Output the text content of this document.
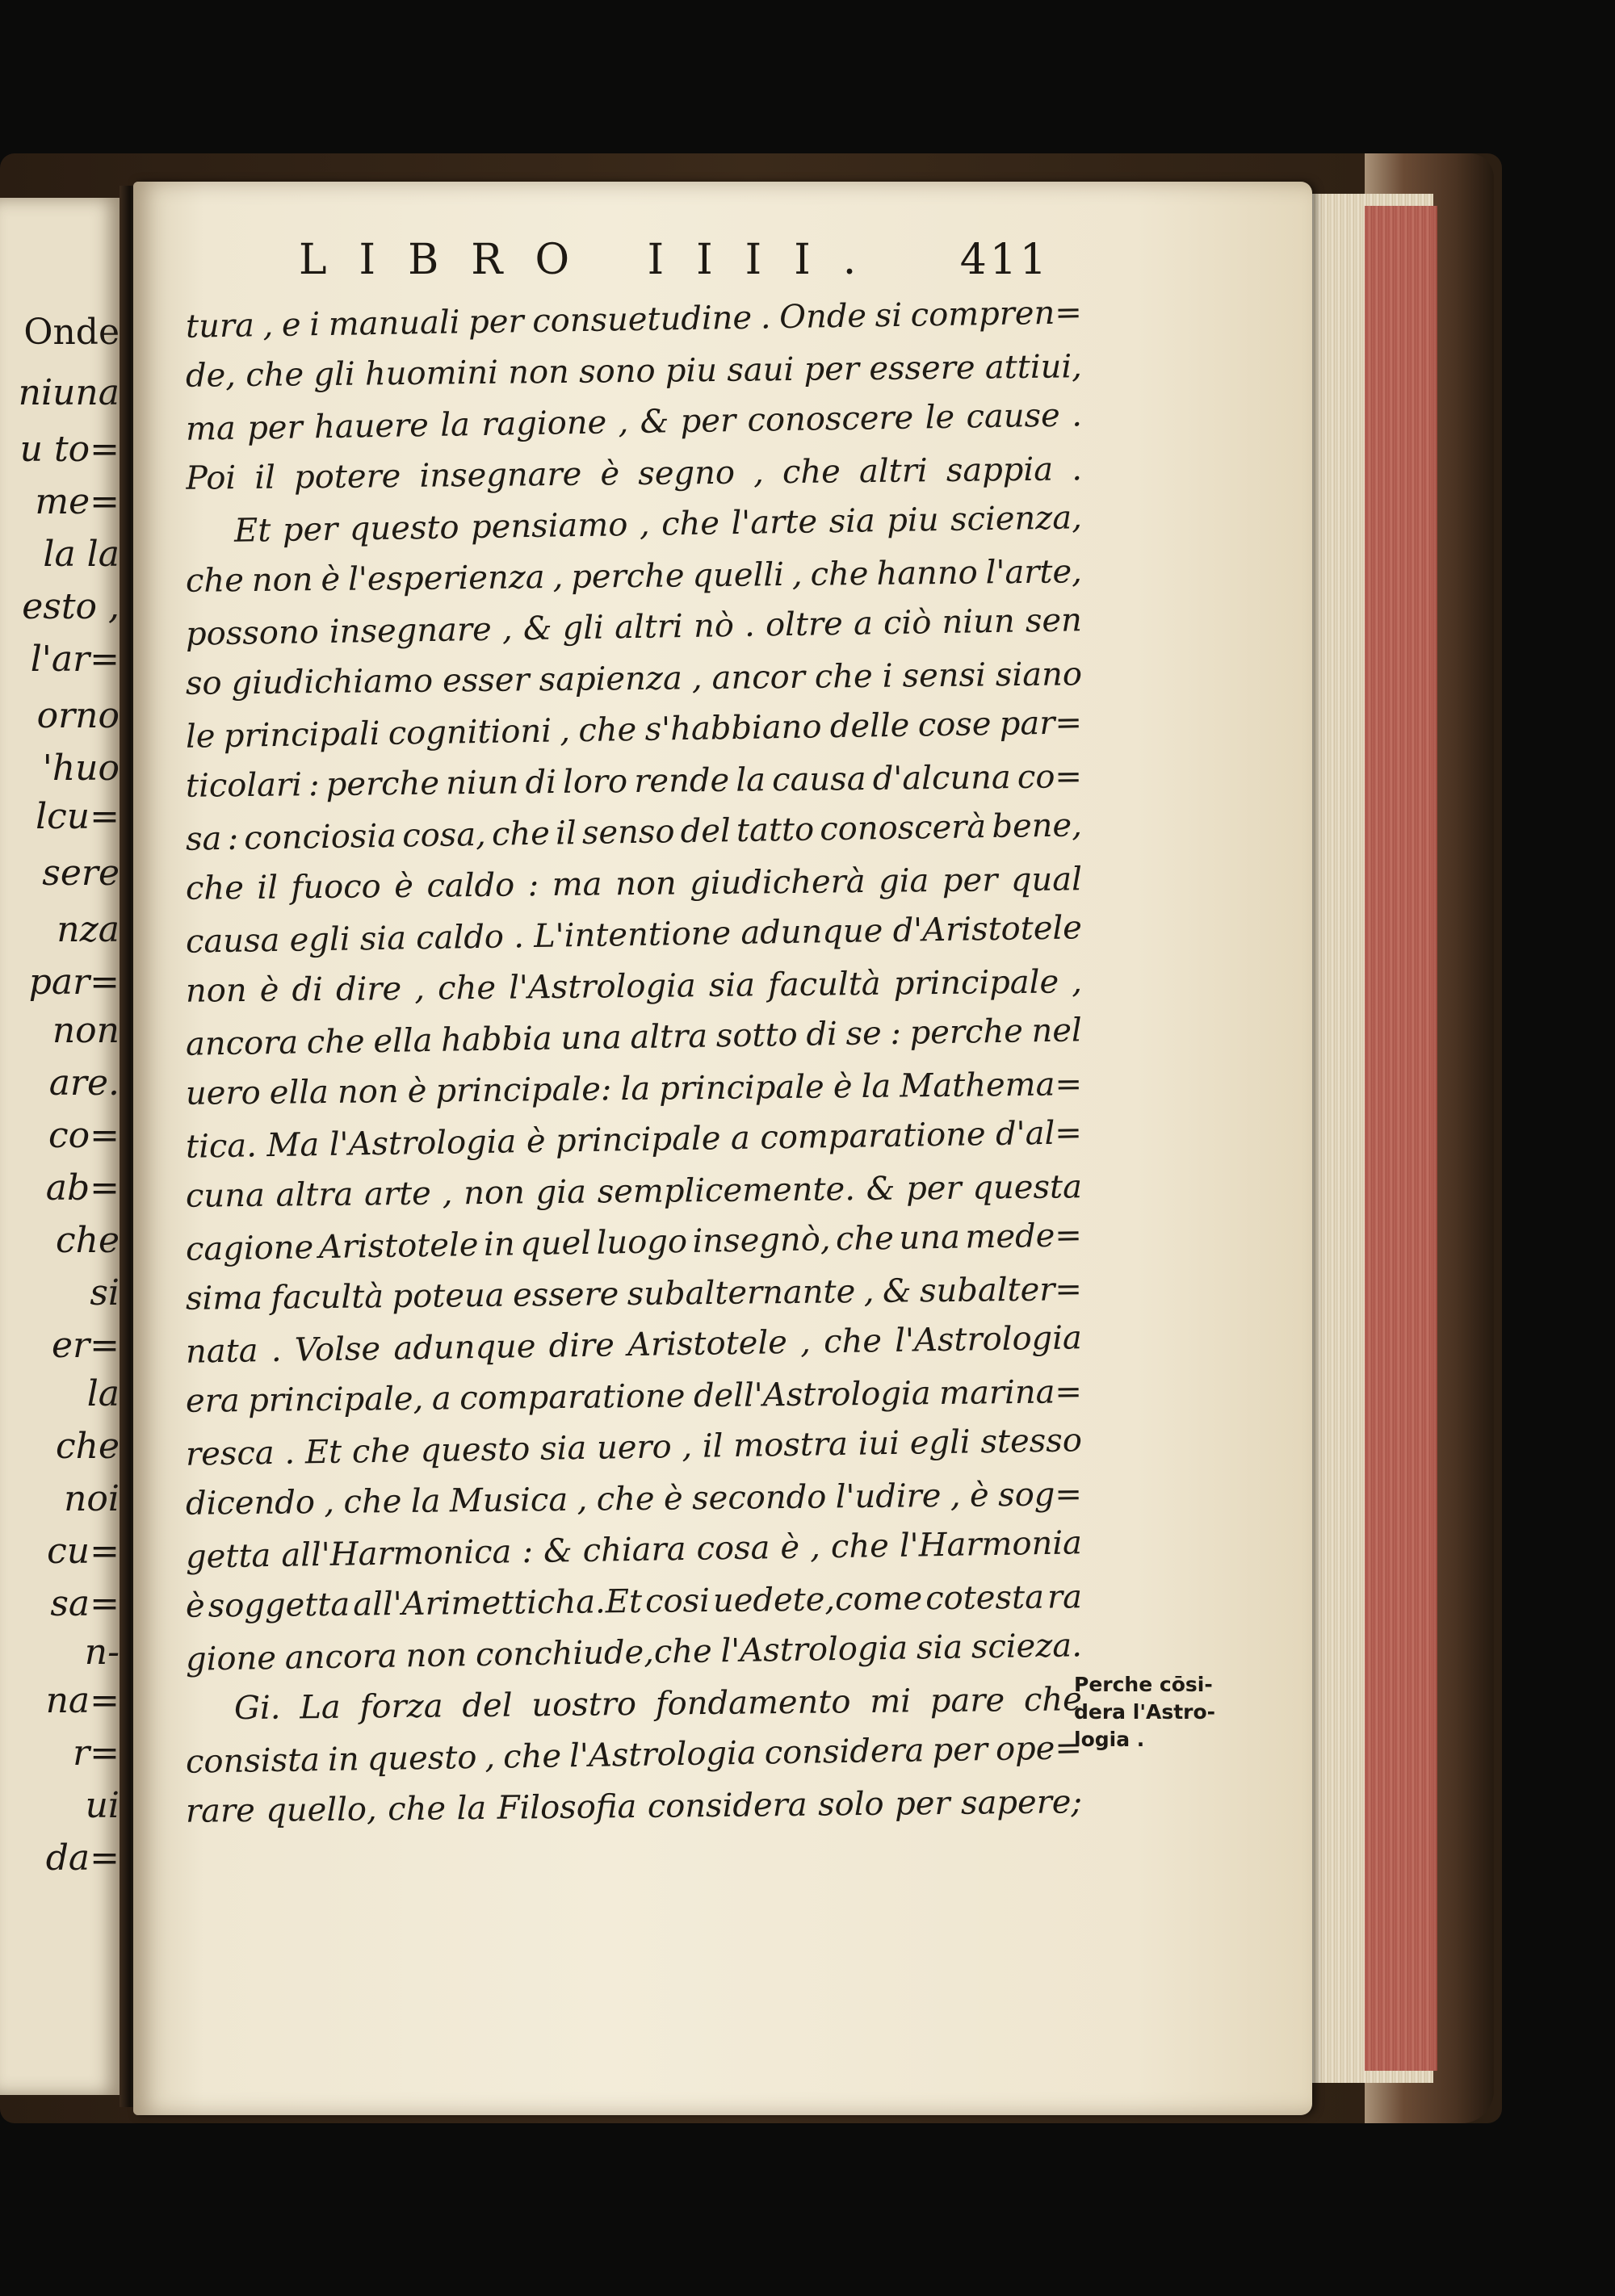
Onde
niuna
u to=
me=
la la
esto ,
l'ar=
orno
'huo
lcu=
sere
nza
par=
non
are.
co=
ab=
che
si
er=
la
che
noi
cu=
sa=
n-
na=
r=
ui
da=
LIBRO IIII. 411
tura , e i manuali per consuetudine . Onde si compren=
de, che gli huomini non sono piu saui per essere attiui,
ma per hauere la ragione , & per conoscere le cause .
Poi il potere insegnare è segno , che altri sappia .
Et per questo pensiamo , che l'arte sia piu scienza,
che non è l'esperienza , perche quelli , che hanno l'arte,
possono insegnare , & gli altri nò . oltre a ciò niun sen
so giudichiamo esser sapienza , ancor che i sensi siano
le principali cognitioni , che s'habbiano delle cose par=
ticolari : perche niun di loro rende la causa d'alcuna co=
sa : conciosia cosa, che il senso del tatto conoscerà bene,
che il fuoco è caldo : ma non giudicherà gia per qual
causa egli sia caldo . L'intentione adunque d'Aristotele
non è di dire , che l'Astrologia sia facultà principale ,
ancora che ella habbia una altra sotto di se : perche nel
uero ella non è principale: la principale è la Mathema=
tica. Ma l'Astrologia è principale a comparatione d'al=
cuna altra arte , non gia semplicemente. & per questa
cagione Aristotele in quel luogo insegnò, che una mede=
sima facultà poteua essere subalternante , & subalter=
nata . Volse adunque dire Aristotele , che l'Astrologia
era principale, a comparatione dell'Astrologia marina=
resca . Et che questo sia uero , il mostra iui egli stesso
dicendo , che la Musica , che è secondo l'udire , è sog=
getta all'Harmonica : & chiara cosa è , che l'Harmonia
è soggetta all'Arimetticha.Et cosi uedete,come cotesta ra
gione ancora non conchiude,che l'Astrologia sia scieza.
Gi. La forza del uostro fondamento mi pare che
consista in questo , che l'Astrologia considera per ope=
rare quello, che la Filosofia considera solo per sapere;
Perche cōsi-
dera l'Astro-
logia .
